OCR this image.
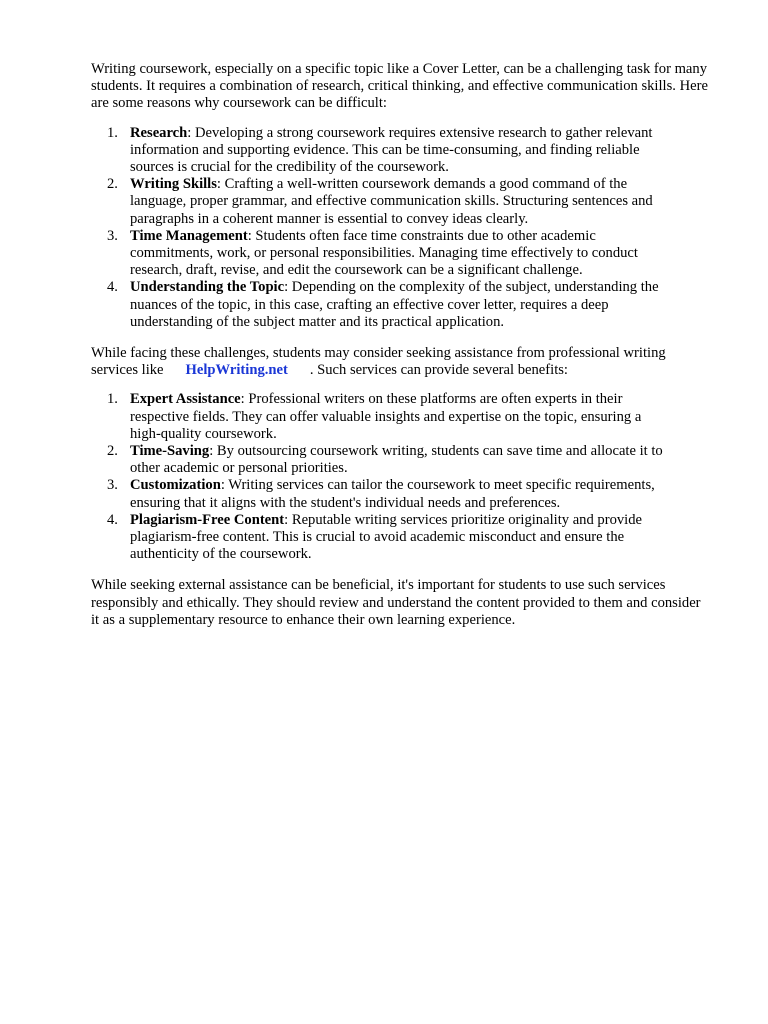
Writing coursework, especially on a specific topic like a Cover Letter, can be a challenging task for many students. It requires a combination of research, critical thinking, and effective communication skills. Here are some reasons why coursework can be difficult:

1. Research: Developing a strong coursework requires extensive research to gather relevant information and supporting evidence. This can be time-consuming, and finding reliable sources is crucial for the credibility of the coursework.
2. Writing Skills: Crafting a well-written coursework demands a good command of the language, proper grammar, and effective communication skills. Structuring sentences and paragraphs in a coherent manner is essential to convey ideas clearly.
3. Time Management: Students often face time constraints due to other academic commitments, work, or personal responsibilities. Managing time effectively to conduct research, draft, revise, and edit the coursework can be a significant challenge.
4. Understanding the Topic: Depending on the complexity of the subject, understanding the nuances of the topic, in this case, crafting an effective cover letter, requires a deep understanding of the subject matter and its practical application.

While facing these challenges, students may consider seeking assistance from professional writing services like HelpWriting.net . Such services can provide several benefits:

1. Expert Assistance: Professional writers on these platforms are often experts in their respective fields. They can offer valuable insights and expertise on the topic, ensuring a high-quality coursework.
2. Time-Saving: By outsourcing coursework writing, students can save time and allocate it to other academic or personal priorities.
3. Customization: Writing services can tailor the coursework to meet specific requirements, ensuring that it aligns with the student's individual needs and preferences.
4. Plagiarism-Free Content: Reputable writing services prioritize originality and provide plagiarism-free content. This is crucial to avoid academic misconduct and ensure the authenticity of the coursework.

While seeking external assistance can be beneficial, it's important for students to use such services responsibly and ethically. They should review and understand the content provided to them and consider it as a supplementary resource to enhance their own learning experience.
